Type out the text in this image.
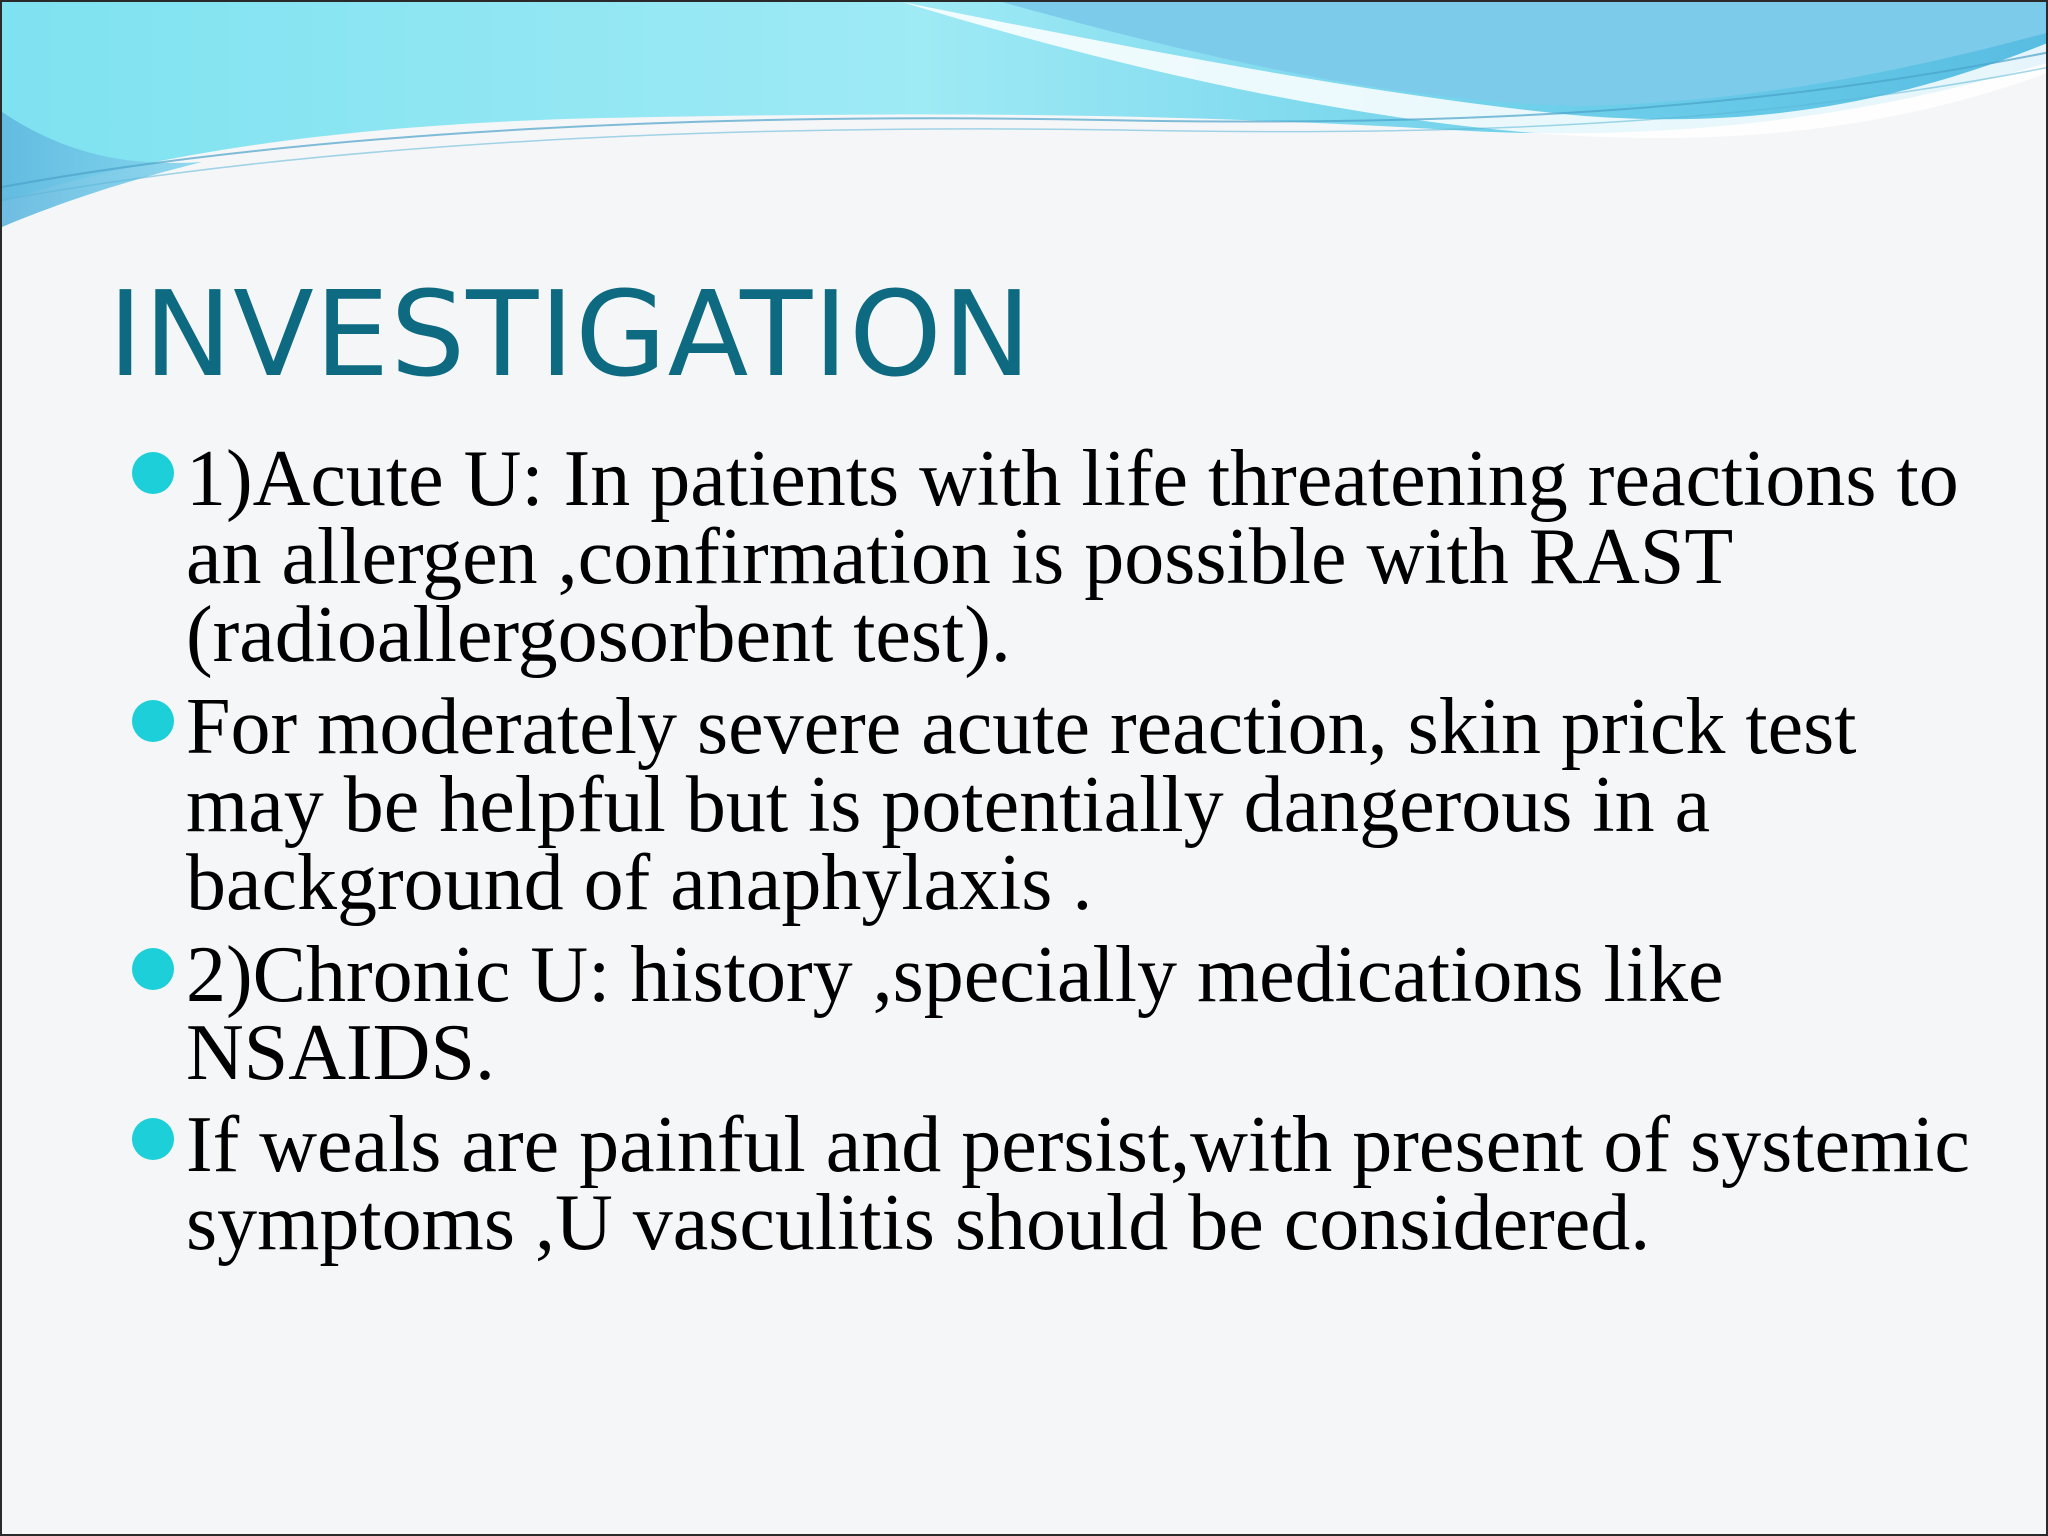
INVESTIGATION
1)Acute U: In patients with life threatening reactions to an allergen ,confirmation is possible with RAST (radioallergosorbent test).
For moderately severe acute reaction, skin prick test may be helpful but is potentially dangerous in a background of anaphylaxis .
2)Chronic U: history ,specially medications like NSAIDS.
If weals are painful and persist,with present of systemic symptoms ,U vasculitis should be considered.
